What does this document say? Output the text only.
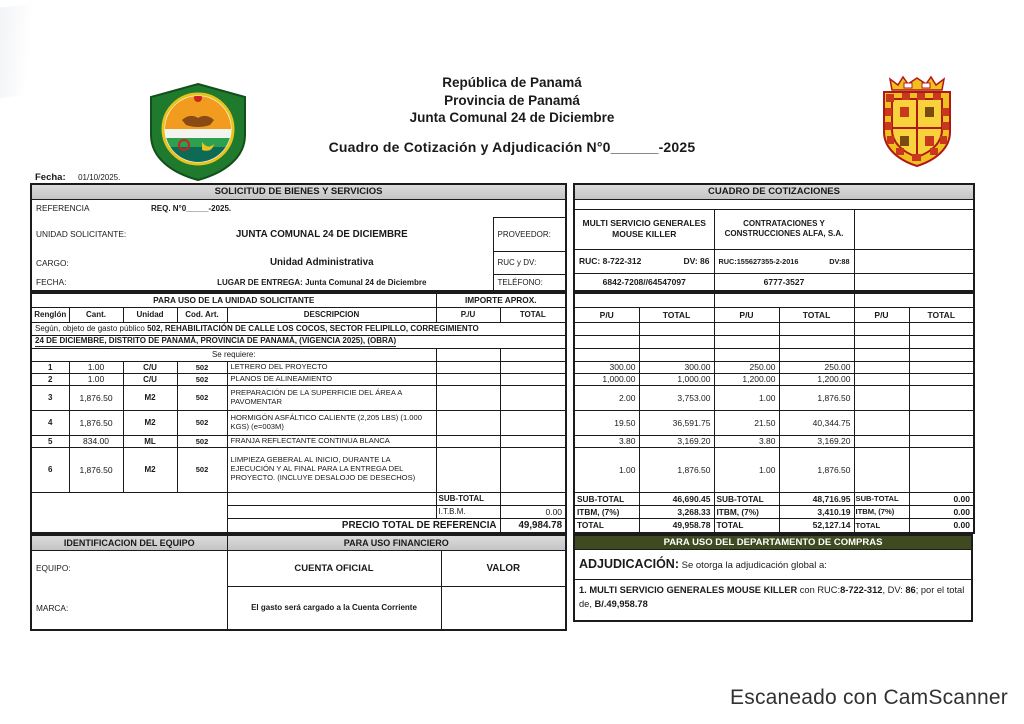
República de Panamá
Provincia de Panamá
Junta Comunal 24 de Diciembre
Cuadro de Cotización y Adjudicación N°0______-2025
Fecha: 01/10/2025.
SOLICITUD DE BIENES Y SERVICIOS		
REFERENCIA	REQ. N°0_____-2025.	
UNIDAD SOLICITANTE:	JUNTA COMUNAL 24 DE DICIEMBRE	PROVEEDOR:
CARGO:	Unidad Administrativa	RUC y DV:
FECHA:	LUGAR DE ENTREGA: Junta Comunal 24 de Diciembre	TELÉFONO:
PARA USO DE LA UNIDAD SOLICITANTE					IMPORTE APROX.	
Renglón	Cant.	Unidad	Cod. Art.	DESCRIPCION	P./U	TOTAL
Según, objeto de gasto público 502, REHABILITACIÓN DE CALLE LOS COCOS, SECTOR FELIPILLO, CORREGIMIENTO						
24 DE DICIEMBRE, DISTRITO DE PANAMÁ, PROVINCIA DE PANAMÁ, (VIGENCIA 2025), (OBRA)						
Se requiere:						
1	1.00	C/U	502	LETRERO DEL PROYECTO		
2	1.00	C/U	502	PLANOS DE ALINEAMIENTO		
3	1,876.50	M2	502	PREPARACIÓN DE LA SUPERFICIE DEL ÁREA A PAVOMENTAR		
4	1,876.50	M2	502	HORMIGÓN ASFÁLTICO CALIENTE (2,205 LBS) (1.000 KGS) (e=003M)		
5	834.00	ML	502	FRANJA REFLECTANTE CONTINUA BLANCA		
6	1,876.50	M2	502	LIMPIEZA GEBERAL AL INICIO, DURANTE LA EJECUCIÓN Y AL FINAL PARA LA ENTREGA DEL PROYECTO. (INCLUYE DESALOJO DE DESECHOS)		
					SUB-TOTAL	
					I.T.B.M.	0.00
				PRECIO TOTAL DE REFERENCIA		49,984.78
IDENTIFICACION DEL EQUIPO	PARA USO FINANCIERO	
EQUIPO:	CUENTA OFICIAL	VALOR
MARCA:	El gasto será cargado a la Cuenta Corriente	
CUADRO DE COTIZACIONES		

MULTI SERVICIO GENERALES MOUSE KILLER	CONTRATACIONES Y CONSTRUCCIONES ALFA, S.A.	

RUC: 8-722-312 DV: 86	RUC:155627355-2-2016 DV:88	

6842-7208//64547097	6777-3527	

P/U	TOTAL	P/U	TOTAL	P/U	TOTAL

300.00	300.00	250.00	250.00		
1,000.00	1,000.00	1,200.00	1,200.00		
2.00	3,753.00	1.00	1,876.50		
19.50	36,591.75	21.50	40,344.75		
3.80	3,169.20	3.80	3,169.20		
1.00	1,876.50	1.00	1,876.50		
SUB-TOTAL	46,690.45	SUB-TOTAL	48,716.95	SUB-TOTAL	0.00
ITBM, (7%)	3,268.33	ITBM, (7%)	3,410.19	ITBM, (7%)	0.00
TOTAL	49,958.78	TOTAL	52,127.14	TOTAL	0.00
PARA USO DEL DEPARTAMENTO DE COMPRAS
ADJUDICACIÓN: Se otorga la adjudicación global a:
1. MULTI SERVICIO GENERALES MOUSE KILLER con RUC:8-722-312, DV: 86; por el total de, B/.49,958.78
Escaneado con CamScanner
